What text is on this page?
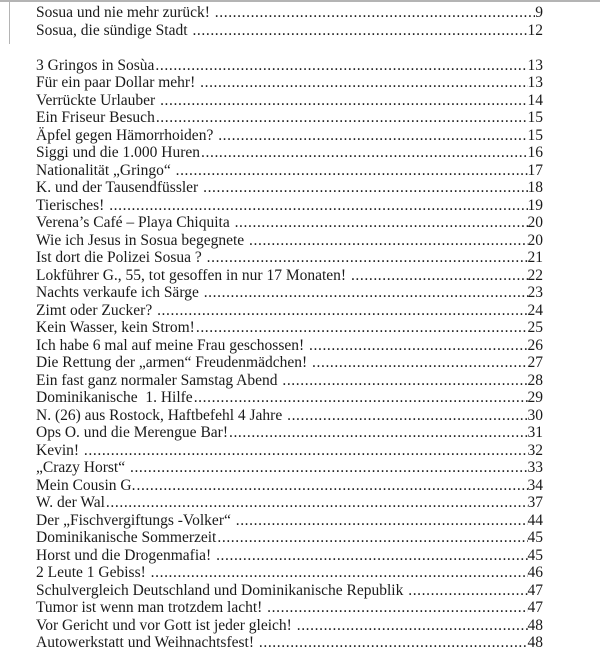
Sosua und nie mehr zurück! .....	9
Sosua, die sündige Stadt .....	12
3 Gringos in Sosùa .....	13
Für ein paar Dollar mehr! .....	13
Verrückte Urlauber .....	14
Ein Friseur Besuch .....	15
Äpfel gegen Hämorrhoiden? .....	15
Siggi und die 1.000 Huren .....	16
Nationalität „Gringo“ .....	17
K. und der Tausendfüssler .....	18
Tierisches! .....	19
Verena’s Café – Playa Chiquita .....	20
Wie ich Jesus in Sosua begegnete .....	20
Ist dort die Polizei Sosua ? .....	21
Lokführer G., 55, tot gesoffen in nur 17 Monaten! .....	22
Nachts verkaufe ich Särge .....	23
Zimt oder Zucker? .....	24
Kein Wasser, kein Strom! .....	25
Ich habe 6 mal auf meine Frau geschossen! .....	26
Die Rettung der „armen“ Freudenmädchen! .....	27
Ein fast ganz normaler Samstag Abend .....	28
Dominikanische  1. Hilfe .....	29
N. (26) aus Rostock, Haftbefehl 4 Jahre .....	30
Ops O. und die Merengue Bar! .....	31
Kevin! .....	32
„Crazy Horst“ .....	33
Mein Cousin G. .....	34
W. der Wal .....	37
Der „Fischvergiftungs -Volker“ .....	44
Dominikanische Sommerzeit .....	45
Horst und die Drogenmafia! .....	45
2 Leute 1 Gebiss! .....	46
Schulvergleich Deutschland und Dominikanische Republik .....	47
Tumor ist wenn man trotzdem lacht! .....	47
Vor Gericht und vor Gott ist jeder gleich! .....	48
Autowerkstatt und Weihnachtsfest! .....	48
